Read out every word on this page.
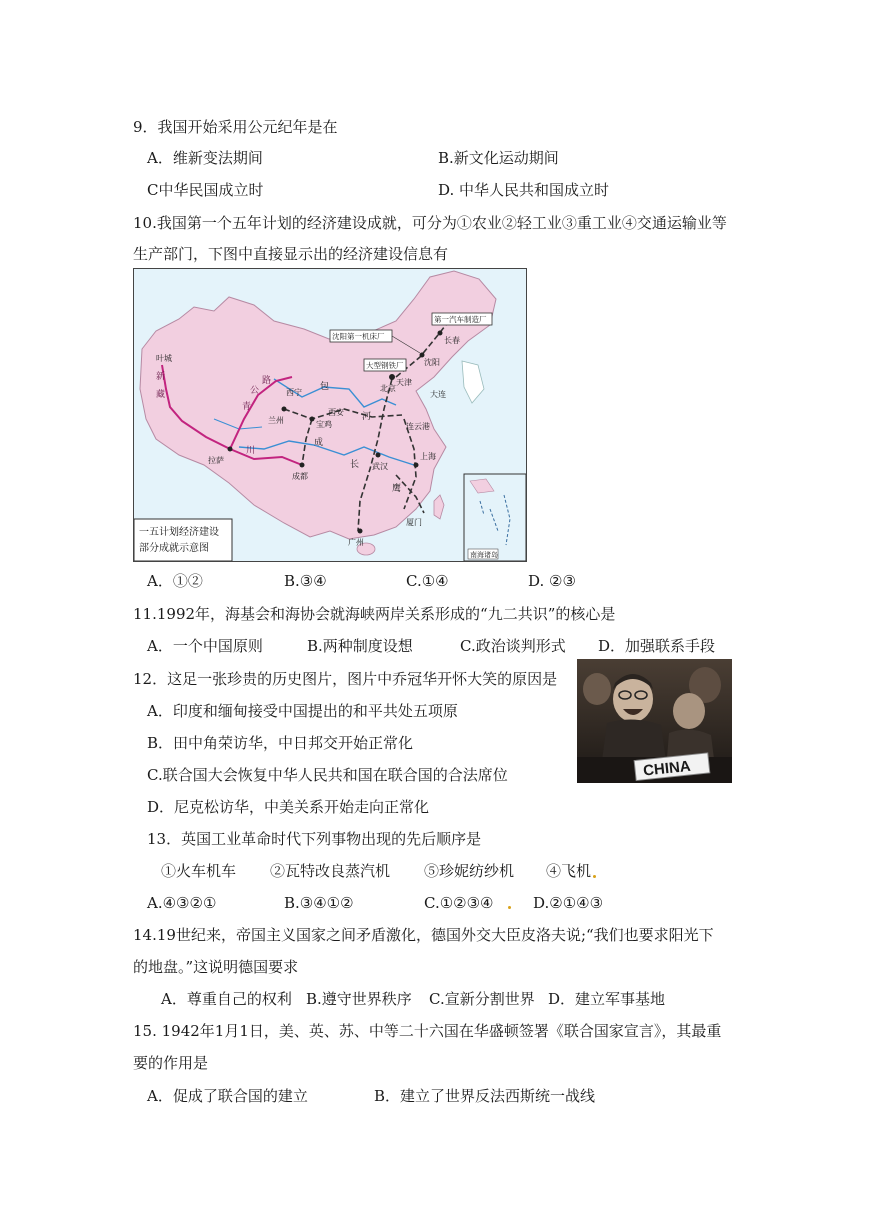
9．我国开始采用公元纪年是在
A．维新变法期间	B.新文化运动期间
C中华民国成立时	D. 中华人民共和国成立时
10.我国第一个五年计划的经济建设成就，可分为①农业②轻工业③重工业④交通运输业等
生产部门，下图中直接显示出的经济建设信息有
沈阳第一机床厂
第一汽车制造厂
大型钢铁厂
北京
沈阳
长春
大连
西宁
兰州	宝鸡
成都
武汉
上海
广州
厦门
拉萨
叶城
连云港
西安
天津
新
藏
青
公
路
川
包
成
鹰
河
长
一五计划经济建设
部分成就示意图
南海诸岛
A．①②	B.③④	C.①④	D. ②③
11.1992年，海基会和海协会就海峡两岸关系形成的“九二共识”的核心是
A．一个中国原则	B.两种制度设想	C.政治谈判形式 D．加强联系手段
12．这足一张珍贵的历史图片，图片中乔冠华开怀大笑的原因是
A．印度和缅甸接受中国提出的和平共处五项原
B．田中角荣访华，中日邦交开始正常化
C.联合国大会恢复中华人民共和国在联合国的合法席位
D．尼克松访华，中美关系开始走向正常化
CHINA
13．英国工业革命时代下列事物出现的先后顺序是
①火车机车 ②瓦特改良蒸汽机 ⑤珍妮纺纱机 ④飞机
A.④③②①	B.③④①②	C.①②③④	D.②①④③
14.19世纪来，帝国主义国家之间矛盾激化，德国外交大臣皮洛夫说;“我们也要求阳光下
的地盘。”这说明德国要求
A．尊重自己的权利 B.遵守世界秩序 C.宣新分割世界 D．建立军事基地
15. 1942年1月1日，美、英、苏、中等二十六国在华盛顿签署《联合国家宣言》，其最重
要的作用是
A．促成了联合国的建立	B．建立了世界反法西斯统一战线
